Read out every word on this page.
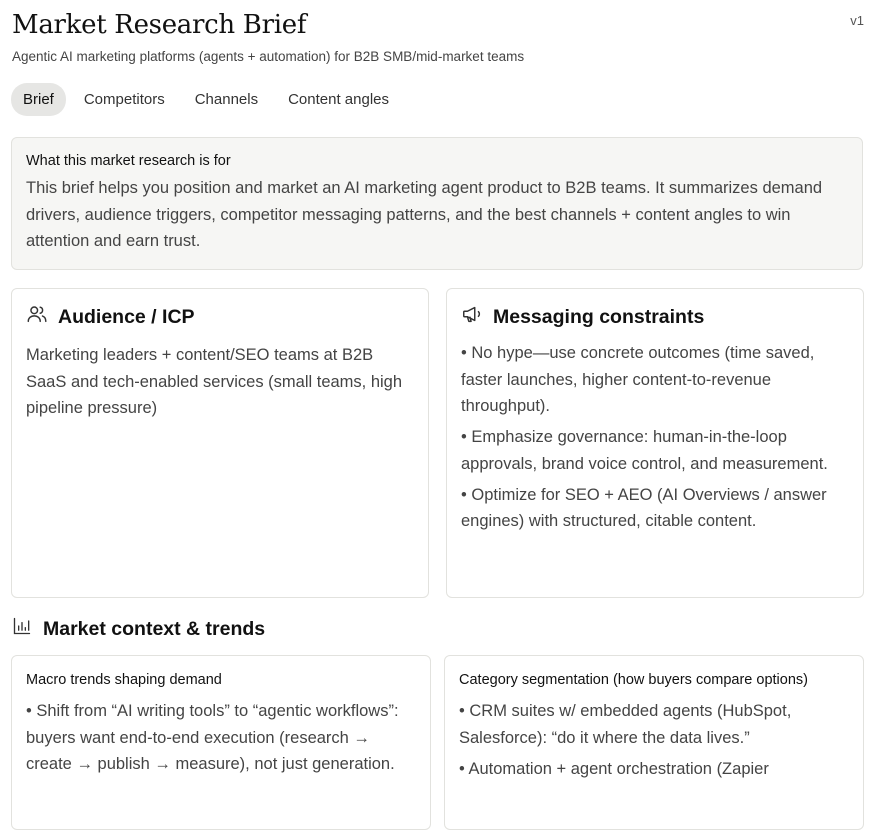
Market Research Brief	v1
Agentic AI marketing platforms (agents + automation) for B2B SMB/mid-market teams
Brief	Competitors	Channels	Content angles
What this market research is for
This brief helps you position and market an AI marketing agent product to B2B teams. It summarizes demand drivers, audience triggers, competitor messaging patterns, and the best channels + content angles to win attention and earn trust.
Audience / ICP
Marketing leaders + content/SEO teams at B2B SaaS and tech-enabled services (small teams, high pipeline pressure)
Messaging constraints
• No hype—use concrete outcomes (time saved, faster launches, higher content-to-revenue throughput).
• Emphasize governance: human-in-the-loop approvals, brand voice control, and measurement.
• Optimize for SEO + AEO (AI Overviews / answer engines) with structured, citable content.
Market context & trends
Macro trends shaping demand
• Shift from “AI writing tools” to “agentic workflows”: buyers want end-to-end execution (research → create → publish → measure), not just generation.
Category segmentation (how buyers compare options)
• CRM suites w/ embedded agents (HubSpot, Salesforce): “do it where the data lives.”
• Automation + agent orchestration (Zapier
